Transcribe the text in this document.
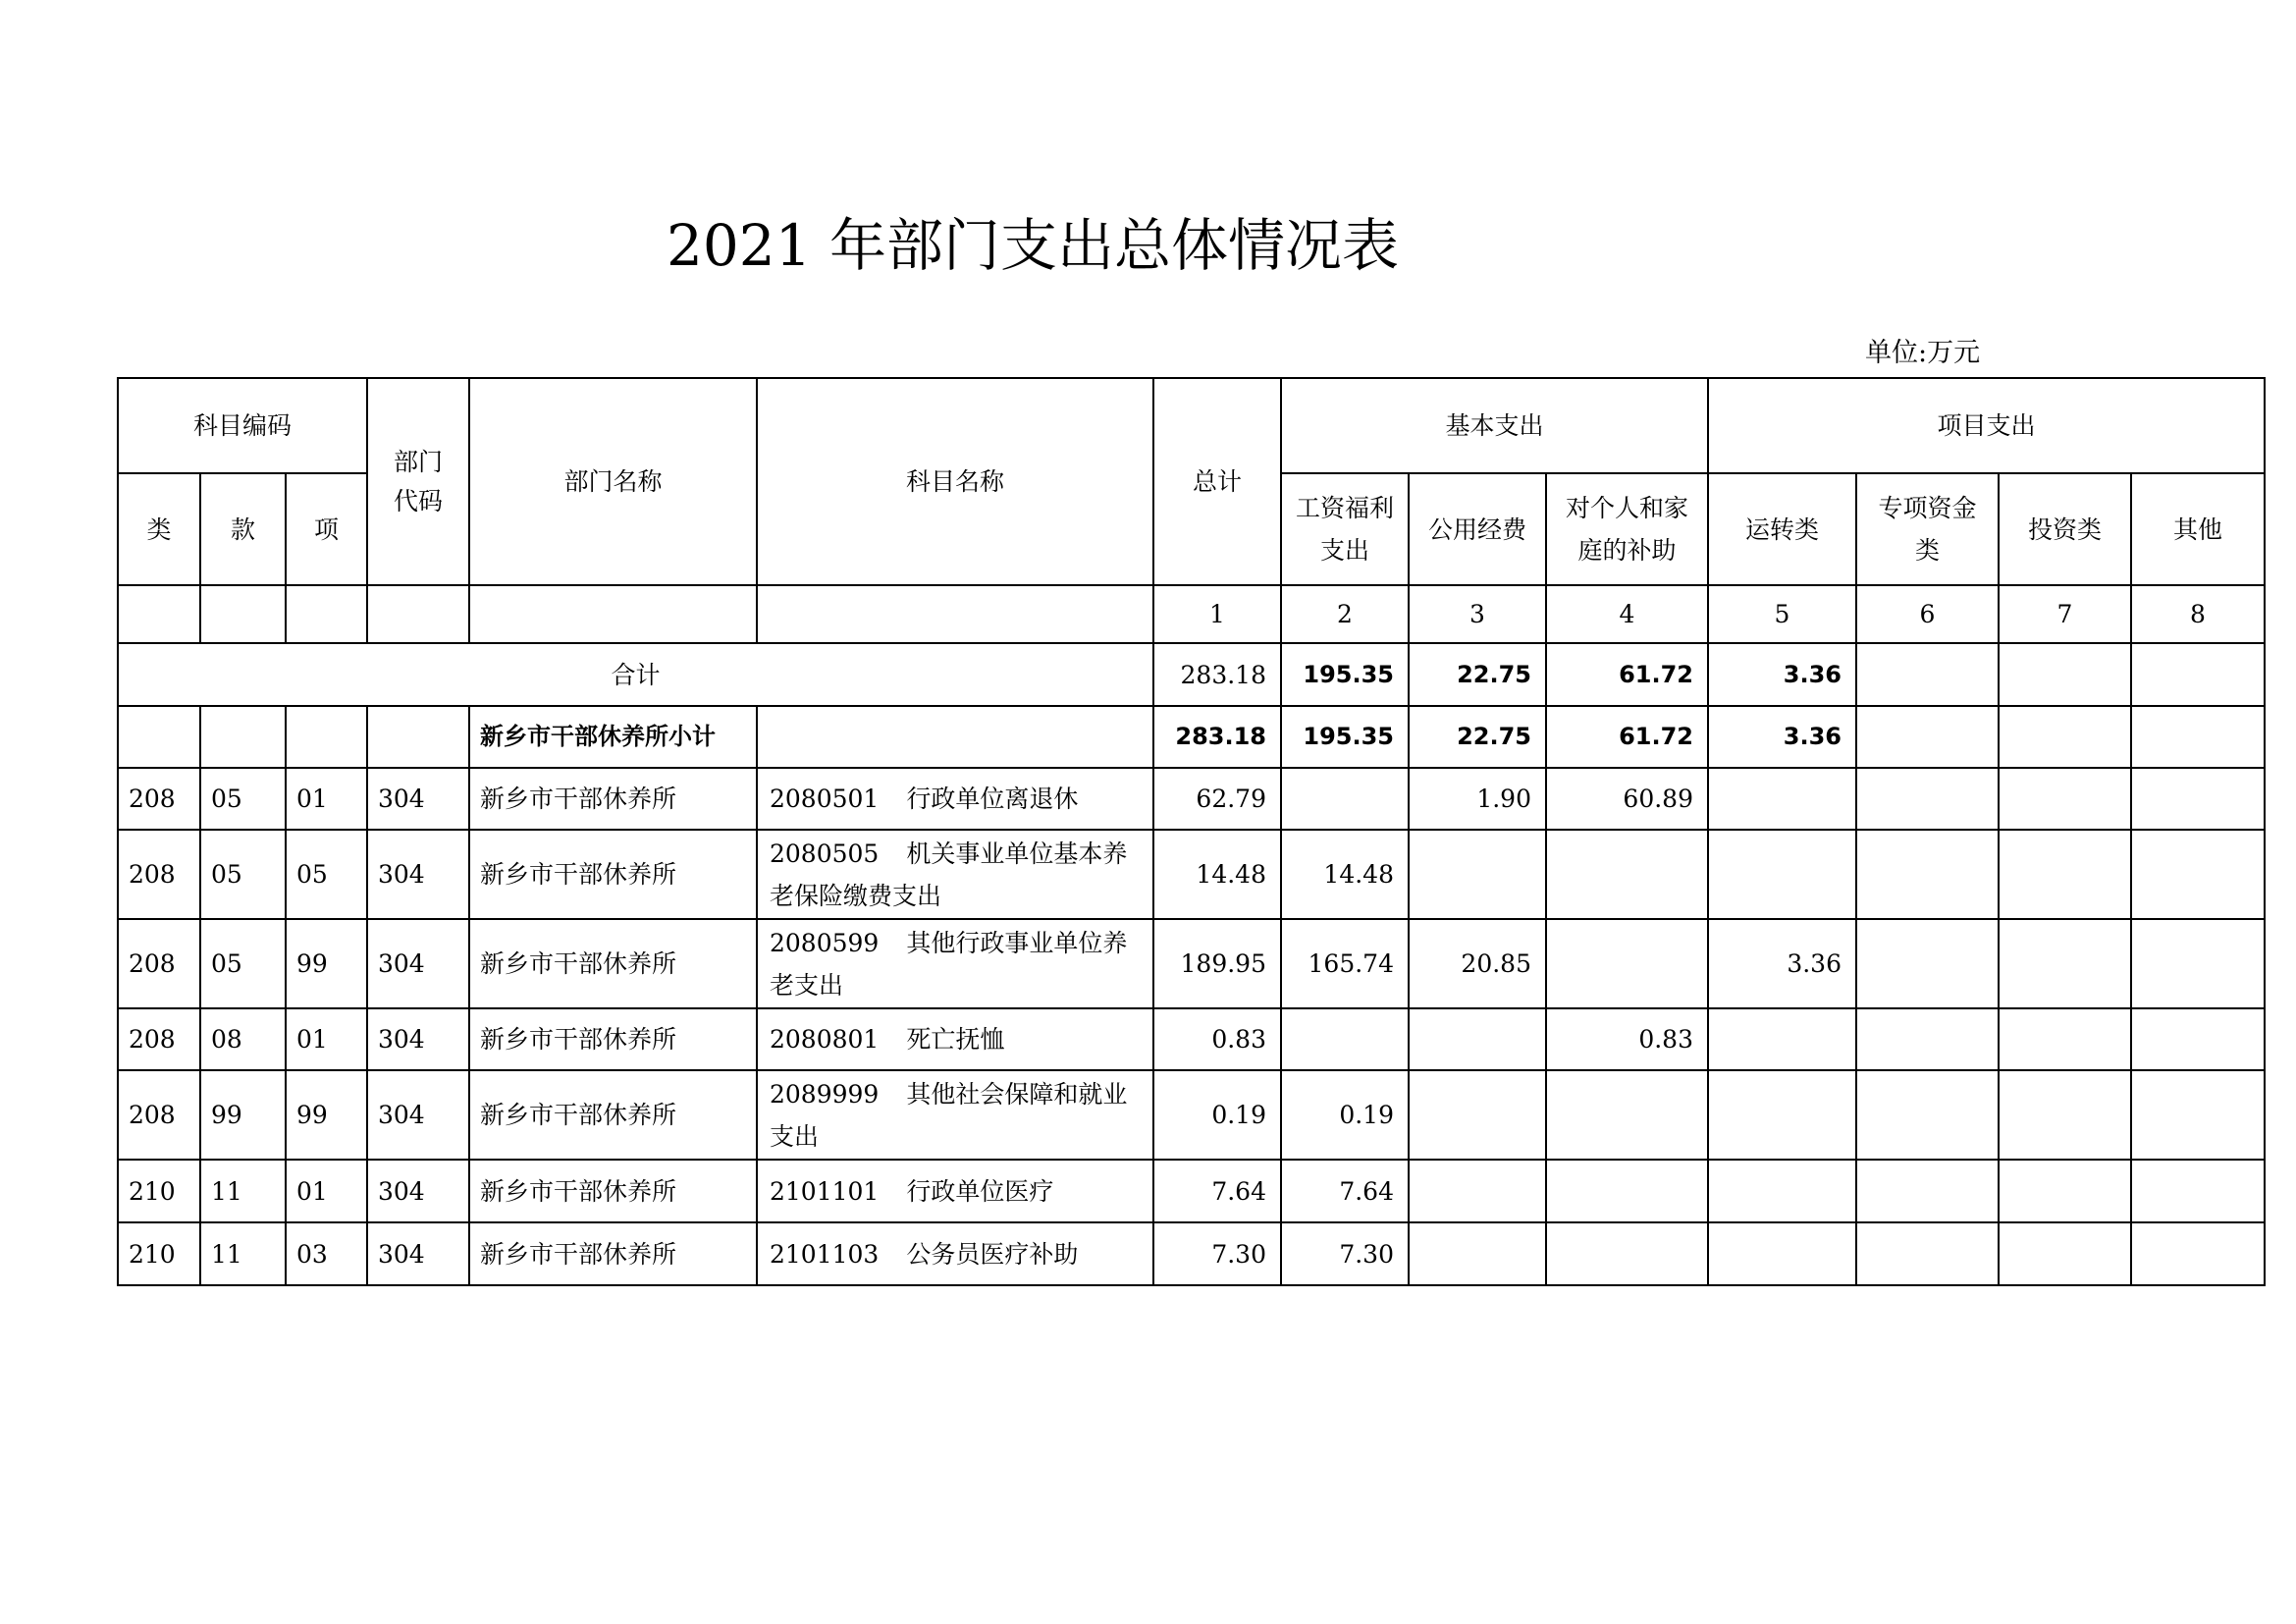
2021 年部门支出总体情况表
单位:万元
科目编码			部门代码	部门名称	科目名称	总计	基本支出			项目支出			
类	款	项					工资福利支出	公用经费	对个人和家庭的补助	运转类	专项资金类	投资类	其他
						1	2	3	4	5	6	7	8
合计						283.18	195.35	22.75	61.72	3.36			
				新乡市干部休养所小计		283.18	195.35	22.75	61.72	3.36			
208	05	01	304	新乡市干部休养所	2080501 行政单位离退休	62.79		1.90	60.89				
208	05	05	304	新乡市干部休养所	2080505 机关事业单位基本养老保险缴费支出	14.48	14.48						
208	05	99	304	新乡市干部休养所	2080599 其他行政事业单位养老支出	189.95	165.74	20.85		3.36			
208	08	01	304	新乡市干部休养所	2080801 死亡抚恤	0.83			0.83				
208	99	99	304	新乡市干部休养所	2089999 其他社会保障和就业支出	0.19	0.19						
210	11	01	304	新乡市干部休养所	2101101 行政单位医疗	7.64	7.64						
210	11	03	304	新乡市干部休养所	2101103 公务员医疗补助	7.30	7.30						
